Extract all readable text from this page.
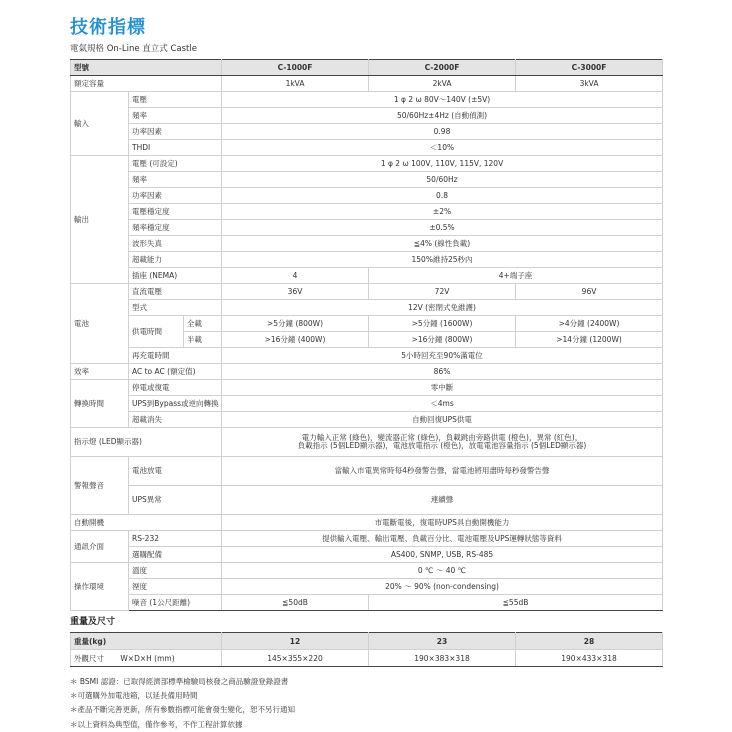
技術指標
電氣規格 On-Line 直立式 Castle
型號			C-1000F	C-2000F	C-3000F
額定容量			1kVA	2kVA	3kVA
輸入	電壓		1 φ 2 ω 80V～140V (±5V)		
	頻率		50/60Hz±4Hz (自動偵測)		
	功率因素		0.98		
	THDI		＜10%		
輸出	電壓 (可設定)		1 φ 2 ω 100V, 110V, 115V, 120V		
	頻率		50/60Hz		
	功率因素		0.8		
	電壓穩定度		±2%		
	頻率穩定度		±0.5%		
	波形失真		≦4% (線性負載)		
	超載能力		150%維持25秒內		
	插座 (NEMA)		4	4+端子座	
電池	直流電壓		36V	72V	96V
	型式		12V (密閉式免維護)		
	供電時間	全載	>5分鐘 (800W)	>5分鐘 (1600W)	>4分鐘 (2400W)
		半載	>16分鐘 (400W)	>16分鐘 (800W)	>14分鐘 (1200W)
	再充電時間		5小時回充至90%滿電位		
效率	AC to AC (額定值)		86%		
轉換時間	停電或復電		零中斷		
	UPS到Bypass或逆向轉換		＜4ms		
	超載消失		自動回復UPS供電		
指示燈 (LED顯示器)			電力輸入正常 (綠色)，變流器正常 (綠色)，負載跳由旁路供電 (橙色)，異常 (紅色)，
負載指示 (5個LED顯示器)，電池放電指示 (橙色)，放電電池容量指示 (5個LED顯示器)		

警報聲音	電池放電		當輸入市電異常時每4秒發警告聲，當電池將用盡時每秒發警告聲		
	UPS異常		連續聲		
自動開機			市電斷電後，復電時UPS具自動開機能力		
通訊介面	RS-232		提供輸入電壓、輸出電壓、負載百分比、電池電壓及UPS運轉狀態等資料		
	選購配備		AS400, SNMP, USB, RS-485		
操作環境	溫度		0 ℃ ～ 40 ℃		
	溼度		20% ～ 90% (non-condensing)		
	噪音 (1公尺距離)		≦50dB	≦55dB	
重量及尺寸
重量(kg)	12	23	28
外觀尺寸 W×D×H (mm)	145×355×220	190×383×318	190×433×318
＊ BSMI 認證：已取得經濟部標準檢驗局核發之商品驗證登錄證書
＊可選購外加電池箱，以延長備用時間
＊產品不斷完善更新，所有參數指標可能會發生變化，恕不另行通知
＊以上資料為典型值，僅作參考，不作工程計算依據
